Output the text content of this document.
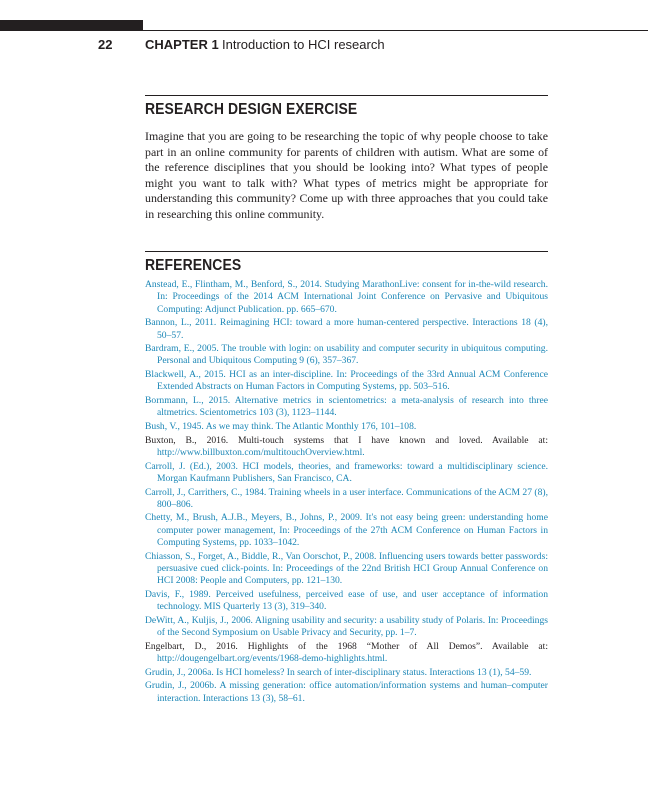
22	CHAPTER 1 Introduction to HCI research
RESEARCH DESIGN EXERCISE
Imagine that you are going to be researching the topic of why people choose to take part in an online community for parents of children with autism. What are some of the reference disciplines that you should be looking into? What types of people might you want to talk with? What types of metrics might be appropriate for understanding this community? Come up with three approaches that you could take in researching this online community.
REFERENCES
Anstead, E., Flintham, M., Benford, S., 2014. Studying MarathonLive: consent for in-the-wild research. In: Proceedings of the 2014 ACM International Joint Conference on Pervasive and Ubiquitous Computing: Adjunct Publication. pp. 665–670.
Bannon, L., 2011. Reimagining HCI: toward a more human-centered perspective. Interactions 18 (4), 50–57.
Bardram, E., 2005. The trouble with login: on usability and computer security in ubiquitous computing. Personal and Ubiquitous Computing 9 (6), 357–367.
Blackwell, A., 2015. HCI as an inter-discipline. In: Proceedings of the 33rd Annual ACM Conference Extended Abstracts on Human Factors in Computing Systems, pp. 503–516.
Bornmann, L., 2015. Alternative metrics in scientometrics: a meta-analysis of research into three altmetrics. Scientometrics 103 (3), 1123–1144.
Bush, V., 1945. As we may think. The Atlantic Monthly 176, 101–108.
Buxton, B., 2016. Multi-touch systems that I have known and loved. Available at: http://www.billbuxton.com/multitouchOverview.html.
Carroll, J. (Ed.), 2003. HCI models, theories, and frameworks: toward a multidisciplinary science. Morgan Kaufmann Publishers, San Francisco, CA.
Carroll, J., Carrithers, C., 1984. Training wheels in a user interface. Communications of the ACM 27 (8), 800–806.
Chetty, M., Brush, A.J.B., Meyers, B., Johns, P., 2009. It's not easy being green: understanding home computer power management, In: Proceedings of the 27th ACM Conference on Human Factors in Computing Systems, pp. 1033–1042.
Chiasson, S., Forget, A., Biddle, R., Van Oorschot, P., 2008. Influencing users towards better passwords: persuasive cued click-points. In: Proceedings of the 22nd British HCI Group Annual Conference on HCI 2008: People and Computers, pp. 121–130.
Davis, F., 1989. Perceived usefulness, perceived ease of use, and user acceptance of information technology. MIS Quarterly 13 (3), 319–340.
DeWitt, A., Kuljis, J., 2006. Aligning usability and security: a usability study of Polaris. In: Proceedings of the Second Symposium on Usable Privacy and Security, pp. 1–7.
Engelbart, D., 2016. Highlights of the 1968 “Mother of All Demos”. Available at: http://dougengelbart.org/events/1968-demo-highlights.html.
Grudin, J., 2006a. Is HCI homeless? In search of inter-disciplinary status. Interactions 13 (1), 54–59.
Grudin, J., 2006b. A missing generation: office automation/information systems and human–computer interaction. Interactions 13 (3), 58–61.
